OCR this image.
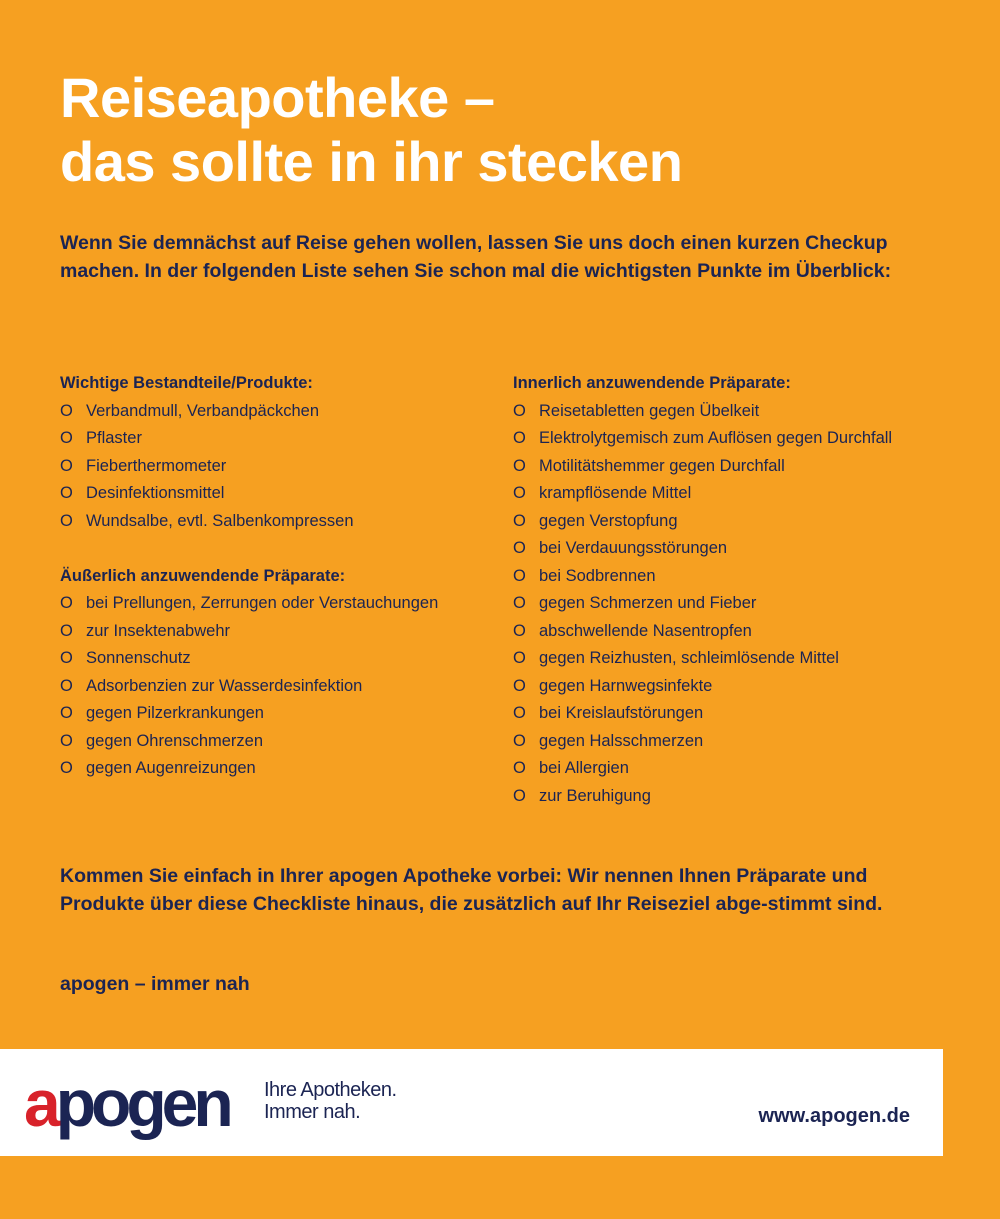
Reiseapotheke –
das sollte in ihr stecken

Wenn Sie demnächst auf Reise gehen wollen, lassen Sie uns doch einen kurzen Checkup machen. In der folgenden Liste sehen Sie schon mal die wichtigsten Punkte im Überblick:

Wichtige Bestandteile/Produkte:
O Verbandmull, Verbandpäckchen
O Pflaster
O Fieberthermometer
O Desinfektionsmittel
O Wundsalbe, evtl. Salbenkompressen
Äußerlich anzuwendende Präparate:
O bei Prellungen, Zerrungen oder Verstauchungen
O zur Insektenabwehr
O Sonnenschutz
O Adsorbenzien zur Wasserdesinfektion
O gegen Pilzerkrankungen
O gegen Ohrenschmerzen
O gegen Augenreizungen
Innerlich anzuwendende Präparate:
O Reisetabletten gegen Übelkeit
O Elektrolytgemisch zum Auflösen gegen Durchfall
O Motilitätshemmer gegen Durchfall
O krampflösende Mittel
O gegen Verstopfung
O bei Verdauungsstörungen
O bei Sodbrennen
O gegen Schmerzen und Fieber
O abschwellende Nasentropfen
O gegen Reizhusten, schleimlösende Mittel
O gegen Harnwegsinfekte
O bei Kreislaufstörungen
O gegen Halsschmerzen
O bei Allergien
O zur Beruhigung

Kommen Sie einfach in Ihrer apogen Apotheke vorbei: Wir nennen Ihnen Präparate und Produkte über diese Checkliste hinaus, die zusätzlich auf Ihr Reiseziel abge-stimmt sind.

apogen – immer nah

apogen Ihre Apotheken.
Immer nah.	www.apogen.de
